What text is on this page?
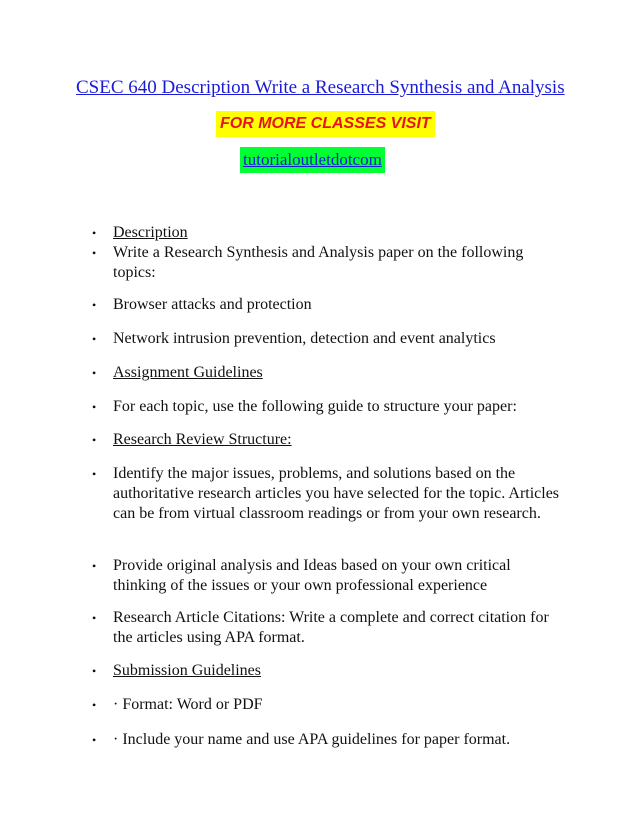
CSEC 640 Description Write a Research Synthesis and Analysis
FOR MORE CLASSES VISIT
tutorialoutletdotcom
• Description
• Write a Research Synthesis and Analysis paper on the following topics:
• Browser attacks and protection
• Network intrusion prevention, detection and event analytics
• Assignment Guidelines
• For each topic, use the following guide to structure your paper:
• Research Review Structure:
• Identify the major issues, problems, and solutions based on the authoritative research articles you have selected for the topic. Articles can be from virtual classroom readings or from your own research.
• Provide original analysis and Ideas based on your own critical thinking of the issues or your own professional experience
• Research Article Citations: Write a complete and correct citation for the articles using APA format.
• Submission Guidelines
• · Format: Word or PDF
• · Include your name and use APA guidelines for paper format.
